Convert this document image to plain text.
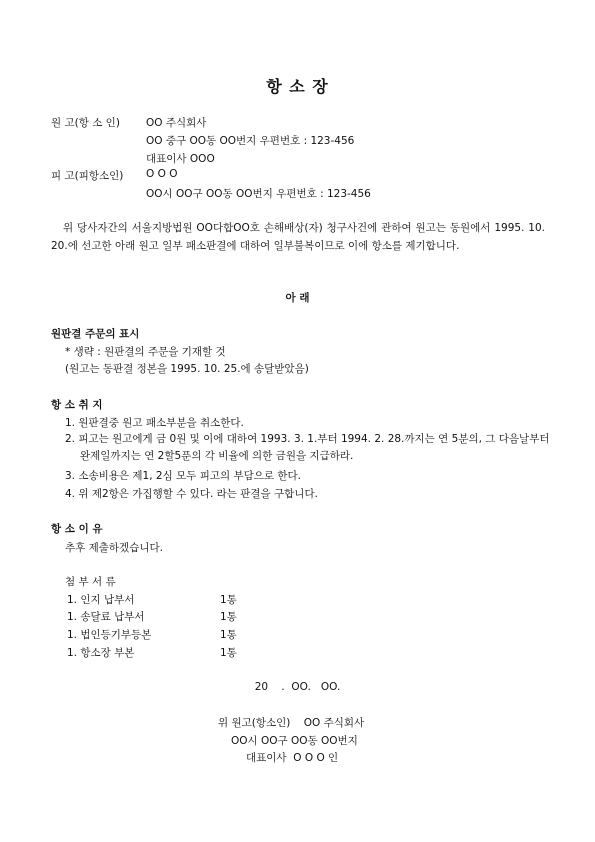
항 소 장
원 고(항 소 인) OO 주식회사
OO 중구 OO동 OO번지 우편번호 : 123-456
대표이사 OOO
피 고(피항소인) O O O
OO시 OO구 OO동 OO번지 우편번호 : 123-456
위 당사자간의 서울지방법원 OO다합OO호 손해배상(자) 청구사건에 관하여 원고는 동원에서 1995. 10. 20.에 선고한 아래 원고 일부 패소판결에 대하여 일부불복이므로 이에 항소를 제기합니다.
아 래
원판결 주문의 표시
* 생략 : 원판결의 주문을 기재할 것
(원고는 동판결 정본을 1995. 10. 25.에 송달받았음)
항 소 취 지
1. 원판결중 원고 패소부분을 취소한다.
2. 피고는 원고에게 금 0원 및 이에 대하여 1993. 3. 1.부터 1994. 2. 28.까지는 연 5분의, 그 다음날부터 완제일까지는 연 2할5푼의 각 비율에 의한 금원을 지급하라.
3. 소송비용은 제1, 2심 모두 피고의 부담으로 한다.
4. 위 제2항은 가집행할 수 있다. 라는 판결을 구합니다.
항 소 이 유
추후 제출하겠습니다.
첨 부 서 류
1. 인지 납부서	1통
1. 송달료 납부서	1통
1. 법인등기부등본	1통
1. 항소장 부본	1통
20    .  OO.   OO.
위 원고(항소인)    OO 주식회사
OO시 OO구 OO동 OO번지
대표이사  O O O 인
